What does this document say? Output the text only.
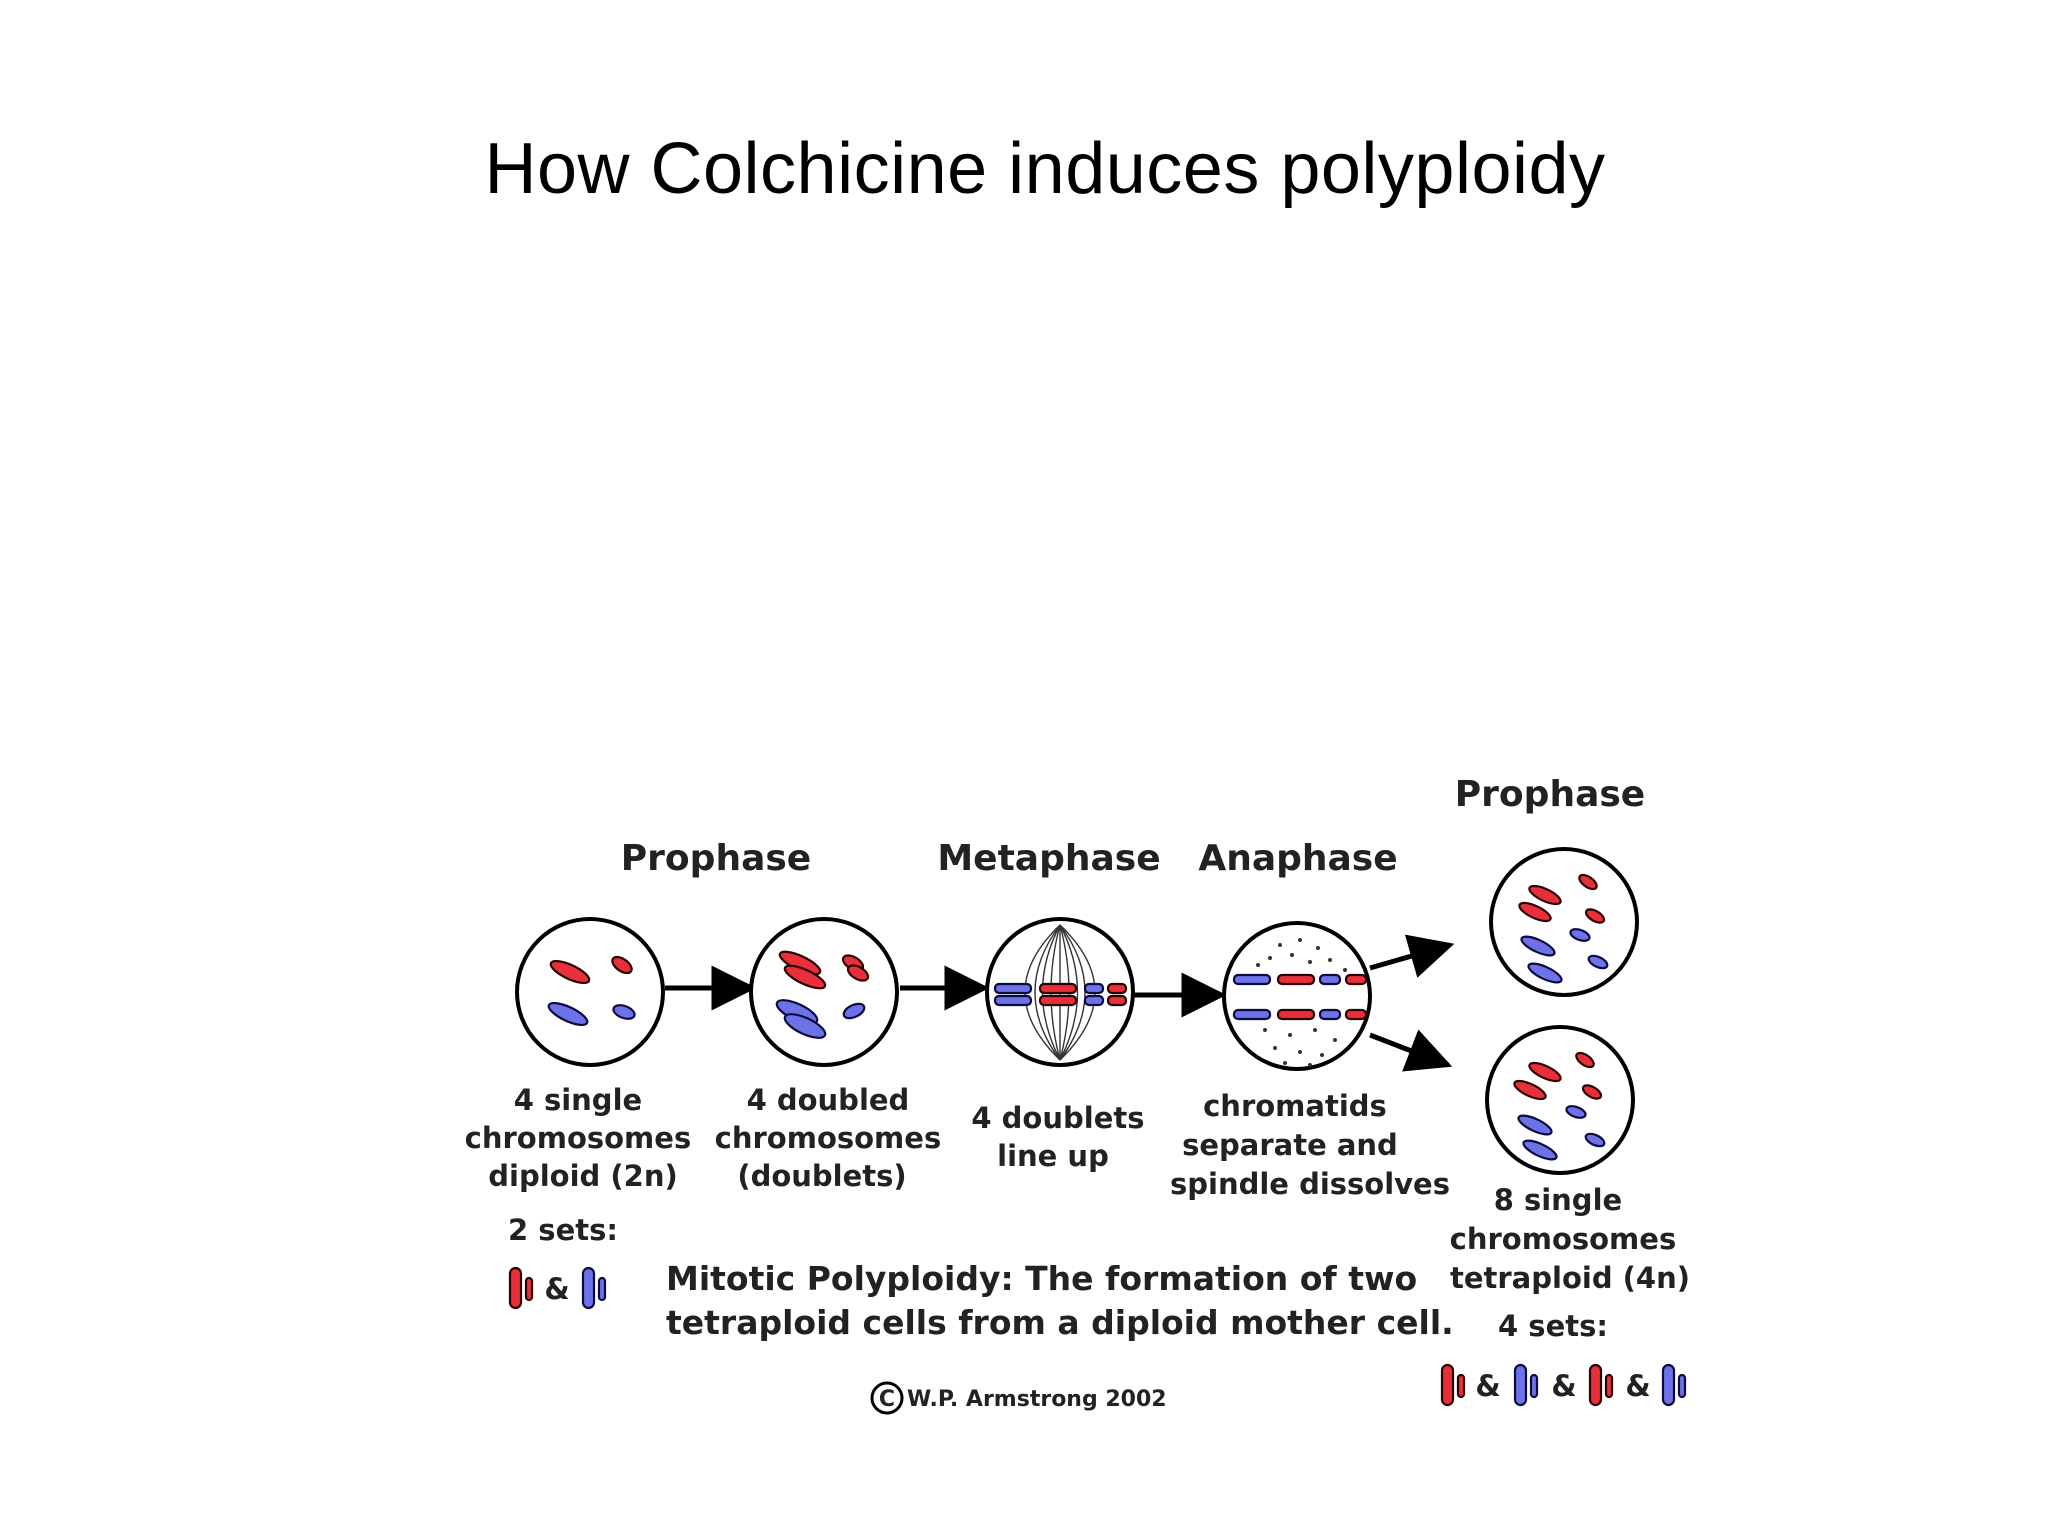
How Colchicine induces polyploidy
Prophase	Metaphase Anaphase
Prophase
4 single chromosomes diploid (2n)
4 doubled chromosomes (doublets)
4 doublets line up
chromatids separate and spindle dissolves	8 single chromosomes tetraploid (4n)
2 sets:
&
4 sets:
& & &
Mitotic Polyploidy: The formation of two tetraploid cells from a diploid mother cell.
C W.P. Armstrong 2002
